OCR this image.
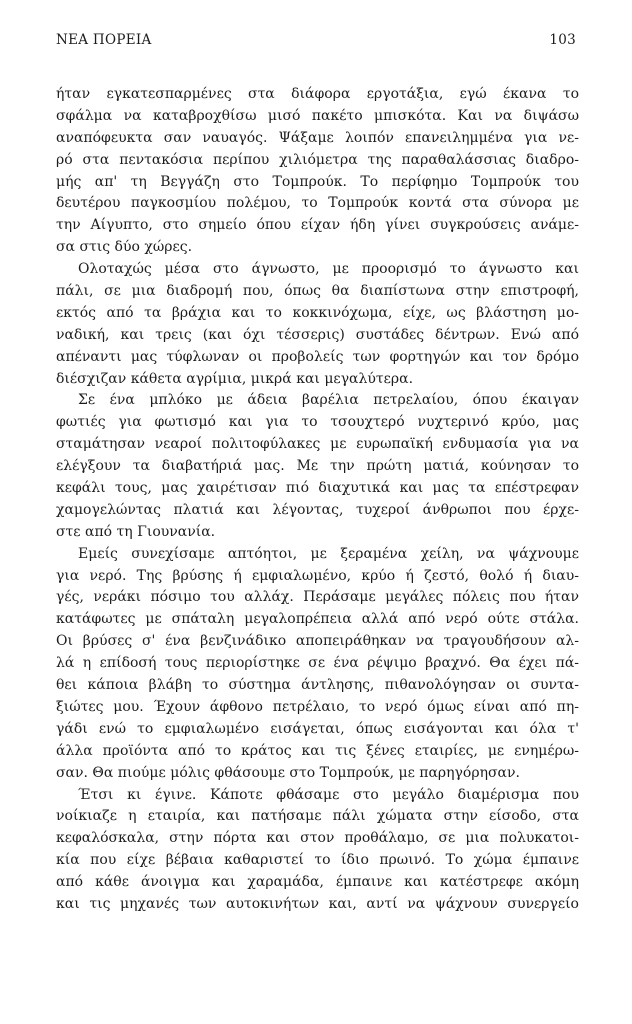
ΝΕΑ ΠΟΡΕΙΑ	103
ήταν εγκατεσπαρμένες στα διάφορα εργοτάξια, εγώ έκανα το
σφάλμα να καταβροχθίσω μισό πακέτο μπισκότα. Και να διψάσω
αναπόφευκτα σαν ναυαγός. Ψάξαμε λοιπόν επανειλημμένα για νε-
ρό στα πεντακόσια περίπου χιλιόμετρα της παραθαλάσσιας διαδρο-
μής απ' τη Βεγγάζη στο Τομπρούκ. Το περίφημο Τομπρούκ του
δευτέρου παγκοσμίου πολέμου, το Τομπρούκ κοντά στα σύνορα με
την Αίγυπτο, στο σημείο όπου είχαν ήδη γίνει συγκρούσεις ανάμε-
σα στις δύο χώρες.
Ολοταχώς μέσα στο άγνωστο, με προορισμό το άγνωστο και
πάλι, σε μια διαδρομή που, όπως θα διαπίστωνα στην επιστροφή,
εκτός από τα βράχια και το κοκκινόχωμα, είχε, ως βλάστηση μο-
ναδική, και τρεις (και όχι τέσσερις) συστάδες δέντρων. Ενώ από
απέναντι μας τύφλωναν οι προβολείς των φορτηγών και τον δρόμο
διέσχιζαν κάθετα αγρίμια, μικρά και μεγαλύτερα.
Σε ένα μπλόκο με άδεια βαρέλια πετρελαίου, όπου έκαιγαν
φωτιές για φωτισμό και για το τσουχτερό νυχτερινό κρύο, μας
σταμάτησαν νεαροί πολιτοφύλακες με ευρωπαϊκή ενδυμασία για να
ελέγξουν τα διαβατήριά μας. Με την πρώτη ματιά, κούνησαν το
κεφάλι τους, μας χαιρέτισαν πιό διαχυτικά και μας τα επέστρεφαν
χαμογελώντας πλατιά και λέγοντας, τυχεροί άνθρωποι που έρχε-
στε από τη Γιουνανία.
Εμείς συνεχίσαμε απτόητοι, με ξεραμένα χείλη, να ψάχνουμε
για νερό. Της βρύσης ή εμφιαλωμένο, κρύο ή ζεστό, θολό ή διαυ-
γές, νεράκι πόσιμο του αλλάχ. Περάσαμε μεγάλες πόλεις που ήταν
κατάφωτες με σπάταλη μεγαλοπρέπεια αλλά από νερό ούτε στάλα.
Οι βρύσες σ' ένα βενζινάδικο αποπειράθηκαν να τραγουδήσουν αλ-
λά η επίδοσή τους περιορίστηκε σε ένα ρέψιμο βραχνό. Θα έχει πά-
θει κάποια βλάβη το σύστημα άντλησης, πιθανολόγησαν οι συντα-
ξιώτες μου. Έχουν άφθονο πετρέλαιο, το νερό όμως είναι από πη-
γάδι ενώ το εμφιαλωμένο εισάγεται, όπως εισάγονται και όλα τ'
άλλα προϊόντα από το κράτος και τις ξένες εταιρίες, με ενημέρω-
σαν. Θα πιούμε μόλις φθάσουμε στο Τομπρούκ, με παρηγόρησαν.
Έτσι κι έγινε. Κάποτε φθάσαμε στο μεγάλο διαμέρισμα που
νοίκιαζε η εταιρία, και πατήσαμε πάλι χώματα στην είσοδο, στα
κεφαλόσκαλα, στην πόρτα και στον προθάλαμο, σε μια πολυκατοι-
κία που είχε βέβαια καθαριστεί το ίδιο πρωινό. Το χώμα έμπαινε
από κάθε άνοιγμα και χαραμάδα, έμπαινε και κατέστρεφε ακόμη
και τις μηχανές των αυτοκινήτων και, αντί να ψάχνουν συνεργείο
